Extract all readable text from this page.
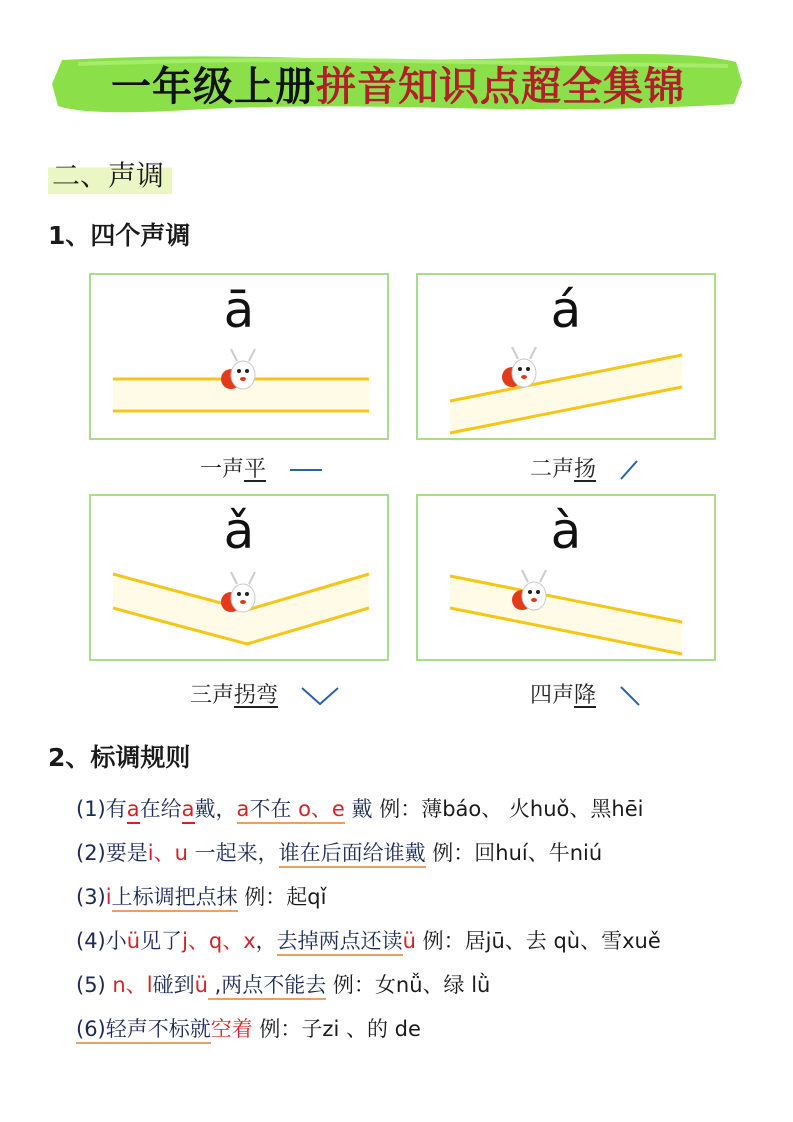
一年级上册 拼音知识点超全集锦
二、声调
1、四个声调
ā
一声平
á
二声扬
ǎ
三声拐弯
à
四声降
2、标调规则
(1)有a在给a戴，a不在 o、e 戴 例：薄báo、 火huǒ、黑hēi
(2)要是i、u 一起来，谁在后面给谁戴 例：回huí、牛niú
(3)i上标调把点抹 例：起qǐ
(4)小ü见了j、q、x，去掉两点还读ü 例：居jū、去 qù、雪xuě
(5) n、l碰到ü ,两点不能去 例：女nǚ、绿 lǜ
(6)轻声不标就空着 例：子zi 、的 de
